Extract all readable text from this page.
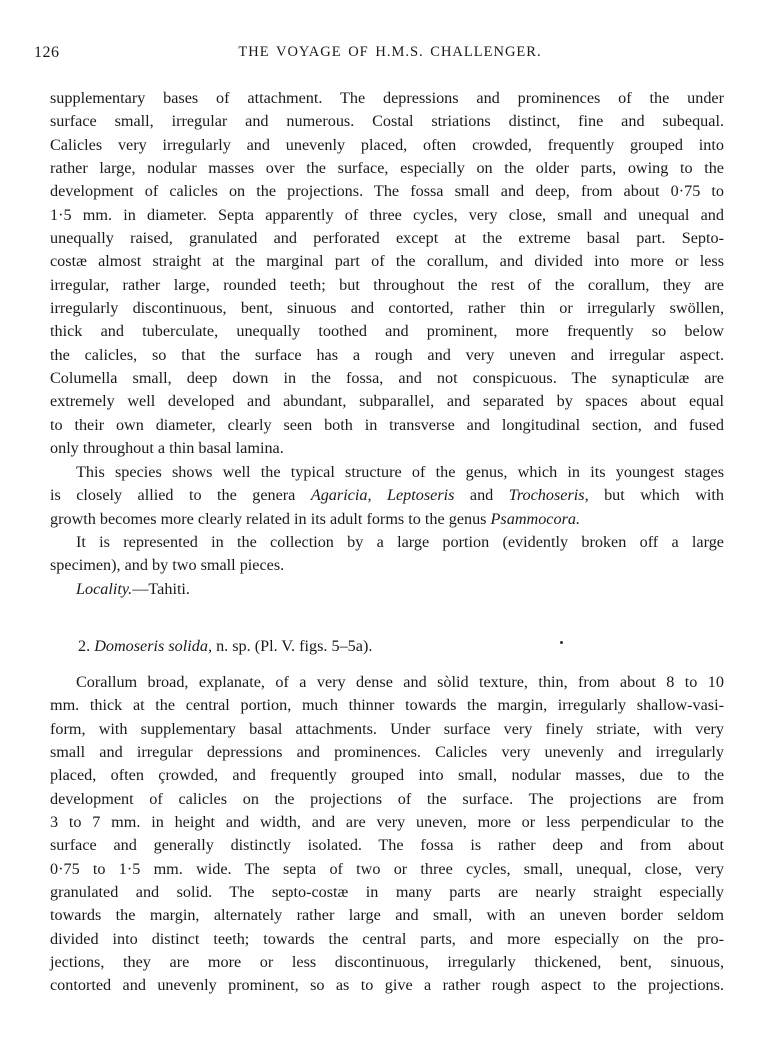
126	THE VOYAGE OF H.M.S. CHALLENGER.
supplementary bases of attachment. The depressions and prominences of the under
surface small, irregular and numerous. Costal striations distinct, fine and subequal.
Calicles very irregularly and unevenly placed, often crowded, frequently grouped into
rather large, nodular masses over the surface, especially on the older parts, owing to the
development of calicles on the projections. The fossa small and deep, from about 0·75 to
1·5 mm. in diameter. Septa apparently of three cycles, very close, small and unequal and
unequally raised, granulated and perforated except at the extreme basal part. Septo-
costæ almost straight at the marginal part of the corallum, and divided into more or less
irregular, rather large, rounded teeth; but throughout the rest of the corallum, they are
irregularly discontinuous, bent, sinuous and contorted, rather thin or irregularly swöllen,
thick and tuberculate, unequally toothed and prominent, more frequently so below
the calicles, so that the surface has a rough and very uneven and irregular aspect.
Columella small, deep down in the fossa, and not conspicuous. The synapticulæ are
extremely well developed and abundant, subparallel, and separated by spaces about equal
to their own diameter, clearly seen both in transverse and longitudinal section, and fused
only throughout a thin basal lamina.
This species shows well the typical structure of the genus, which in its youngest stages
is closely allied to the genera Agaricia, Leptoseris and Trochoseris, but which with
growth becomes more clearly related in its adult forms to the genus Psammocora.
It is represented in the collection by a large portion (evidently broken off a large
specimen), and by two small pieces.
Locality.—Tahiti.
2. Domoseris solida, n. sp. (Pl. V. figs. 5–5a).
Corallum broad, explanate, of a very dense and sòlid texture, thin, from about 8 to 10
mm. thick at the central portion, much thinner towards the margin, irregularly shallow-vasi-
form, with supplementary basal attachments. Under surface very finely striate, with very
small and irregular depressions and prominences. Calicles very unevenly and irregularly
placed, often çrowded, and frequently grouped into small, nodular masses, due to the
development of calicles on the projections of the surface. The projections are from
3 to 7 mm. in height and width, and are very uneven, more or less perpendicular to the
surface and generally distinctly isolated. The fossa is rather deep and from about
0·75 to 1·5 mm. wide. The septa of two or three cycles, small, unequal, close, very
granulated and solid. The septo-costæ in many parts are nearly straight especially
towards the margin, alternately rather large and small, with an uneven border seldom
divided into distinct teeth; towards the central parts, and more especially on the pro-
jections, they are more or less discontinuous, irregularly thickened, bent, sinuous,
contorted and unevenly prominent, so as to give a rather rough aspect to the projections.
